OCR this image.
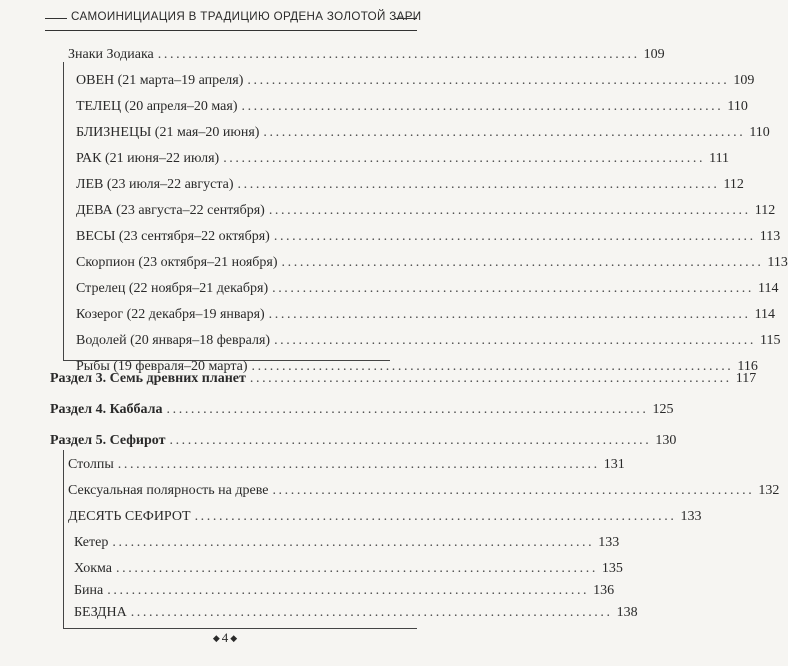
САМОИНИЦИАЦИЯ В ТРАДИЦИЮ ОРДЕНА ЗОЛОТОЙ ЗАРИ
Знаки Зодиака ............................................................................... 109
ОВЕН (21 марта–19 апреля) ............................................................................... 109
ТЕЛЕЦ (20 апреля–20 мая) ............................................................................... 110
БЛИЗНЕЦЫ (21 мая–20 июня) ............................................................................... 110
РАК (21 июня–22 июля) ............................................................................... 111
ЛЕВ (23 июля–22 августа) ............................................................................... 112
ДЕВА (23 августа–22 сентября) ............................................................................... 112
ВЕСЫ (23 сентября–22 октября) ............................................................................... 113
Скорпион (23 октября–21 ноября) ............................................................................... 113
Стрелец (22 ноября–21 декабря) ............................................................................... 114
Козерог (22 декабря–19 января) ............................................................................... 114
Водолей (20 января–18 февраля) ............................................................................... 115
Рыбы (19 февраля–20 марта) ............................................................................... 116
Раздел 3. Семь древних планет ............................................................................... 117
Раздел 4. Каббала ............................................................................... 125
Раздел 5. Сефирот ............................................................................... 130
Столпы ............................................................................... 131
Сексуальная полярность на древе ............................................................................... 132
ДЕСЯТЬ СЕФИРОТ ............................................................................... 133
Кетер ............................................................................... 133
Хокма ............................................................................... 135
Бина ............................................................................... 136
БЕЗДНА ............................................................................... 138
◆ 4 ◆
